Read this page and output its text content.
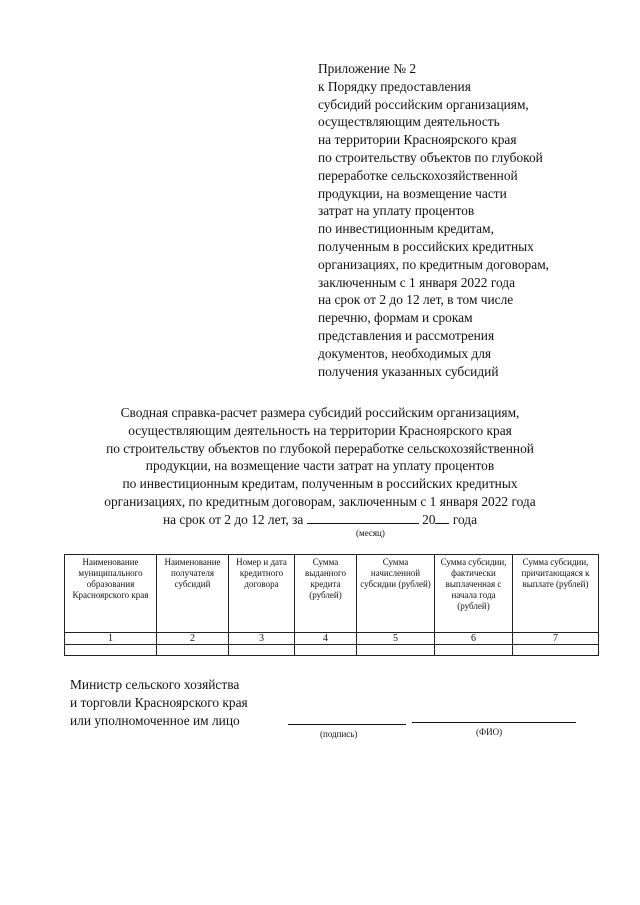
Приложение № 2
к Порядку предоставления
субсидий российским организациям,
осуществляющим деятельность
на территории Красноярского края
по строительству объектов по глубокой
переработке сельскохозяйственной
продукции, на возмещение части
затрат на уплату процентов
по инвестиционным кредитам,
полученным в российских кредитных
организациях, по кредитным договорам,
заключенным с 1 января 2022 года
на срок от 2 до 12 лет, в том числе
перечню, формам и срокам
представления и рассмотрения
документов, необходимых для
получения указанных субсидий
Сводная справка-расчет размера субсидий российским организациям,
осуществляющим деятельность на территории Красноярского края
по строительству объектов по глубокой переработке сельскохозяйственной
продукции, на возмещение части затрат на уплату процентов
по инвестиционным кредитам, полученным в российских кредитных
организациях, по кредитным договорам, заключенным с 1 января 2022 года
на срок от 2 до 12 лет, за	20 года
(месяц)
Наименование муниципального образования Красноярского края	Наименование получателя субсидий	Номер и дата кредитного договора	Сумма выданного кредита (рублей)	Сумма начисленной субсидии (рублей)	Сумма субсидии, фактически выплаченная с начала года (рублей)	Сумма субсидии, причитающаяся к выплате (рублей)
1	2	3	4	5	6	7

Министр сельского хозяйства
и торговли Красноярского края
или уполномоченное им лицо
(подпись)	(ФИО)
